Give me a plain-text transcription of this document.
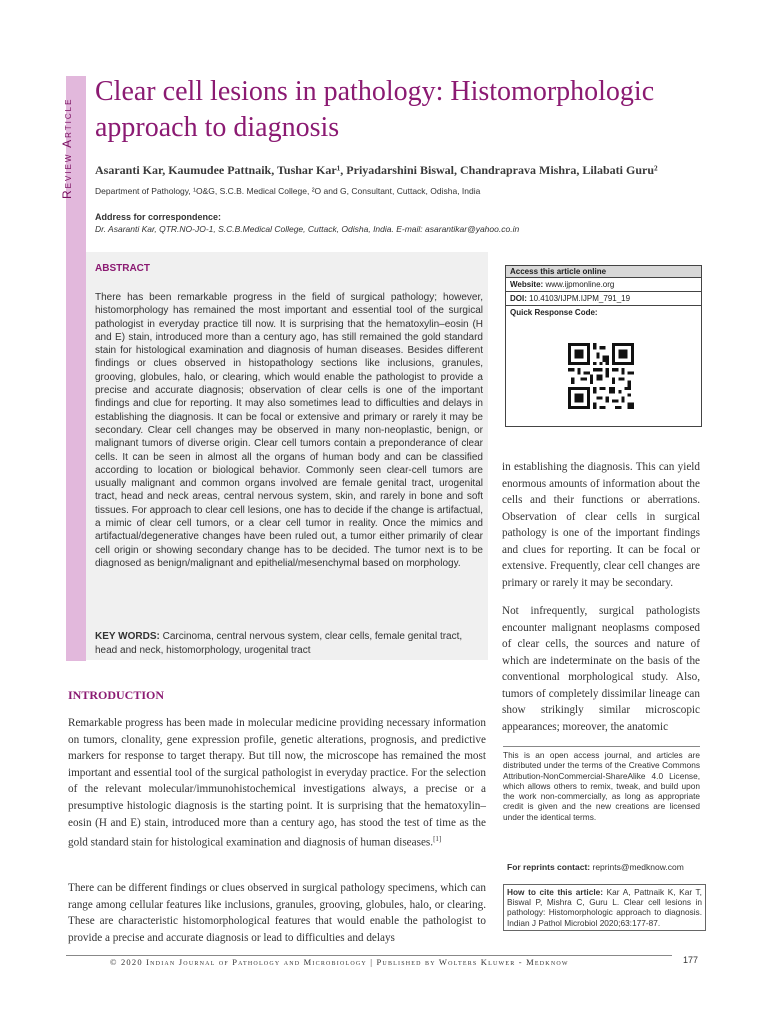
Review Article
Clear cell lesions in pathology: Histomorphologic approach to diagnosis
Asaranti Kar, Kaumudee Pattnaik, Tushar Kar¹, Priyadarshini Biswal, Chandraprava Mishra, Lilabati Guru²
Department of Pathology, ¹O&G, S.C.B. Medical College, ²O and G, Consultant, Cuttack, Odisha, India
Address for correspondence:
Dr. Asaranti Kar, QTR.NO-JO-1, S.C.B.Medical College, Cuttack, Odisha, India. E-mail: asarantikar@yahoo.co.in
ABSTRACT
There has been remarkable progress in the field of surgical pathology; however, histomorphology has remained the most important and essential tool of the surgical pathologist in everyday practice till now. It is surprising that the hematoxylin–eosin (H and E) stain, introduced more than a century ago, has still remained the gold standard stain for histological examination and diagnosis of human diseases. Besides different findings or clues observed in histopathology sections like inclusions, granules, grooving, globules, halo, or clearing, which would enable the pathologist to provide a precise and accurate diagnosis; observation of clear cells is one of the important findings and clue for reporting. It may also sometimes lead to difficulties and delays in establishing the diagnosis. It can be focal or extensive and primary or rarely it may be secondary. Clear cell changes may be observed in many non-neoplastic, benign, or malignant tumors of diverse origin. Clear cell tumors contain a preponderance of clear cells. It can be seen in almost all the organs of human body and can be classified according to location or biological behavior. Commonly seen clear-cell tumors are usually malignant and common organs involved are female genital tract, urogenital tract, head and neck areas, central nervous system, skin, and rarely in bone and soft tissues. For approach to clear cell lesions, one has to decide if the change is artifactual, a mimic of clear cell tumors, or a clear cell tumor in reality. Once the mimics and artifactual/degenerative changes have been ruled out, a tumor either primarily of clear cell origin or showing secondary change has to be decided. The tumor next is to be diagnosed as benign/malignant and epithelial/mesenchymal based on morphology.
KEY WORDS: Carcinoma, central nervous system, clear cells, female genital tract, head and neck, histomorphology, urogenital tract
Access this article online
Website: www.ijpmonline.org
DOI: 10.4103/IJPM.IJPM_791_19
Quick Response Code:
in establishing the diagnosis. This can yield enormous amounts of information about the cells and their functions or aberrations. Observation of clear cells in surgical pathology is one of the important findings and clues for reporting. It can be focal or extensive. Frequently, clear cell changes are primary or rarely it may be secondary.
Not infrequently, surgical pathologists encounter malignant neoplasms composed of clear cells, the sources and nature of which are indeterminate on the basis of the conventional morphological study. Also, tumors of completely dissimilar lineage can show strikingly similar microscopic appearances; moreover, the anatomic
This is an open access journal, and articles are distributed under the terms of the Creative Commons Attribution-NonCommercial-ShareAlike 4.0 License, which allows others to remix, tweak, and build upon the work non-commercially, as long as appropriate credit is given and the new creations are licensed under the identical terms.
For reprints contact: reprints@medknow.com
How to cite this article: Kar A, Pattnaik K, Kar T, Biswal P, Mishra C, Guru L. Clear cell lesions in pathology: Histomorphologic approach to diagnosis. Indian J Pathol Microbiol 2020;63:177-87.
INTRODUCTION
Remarkable progress has been made in molecular medicine providing necessary information on tumors, clonality, gene expression profile, genetic alterations, prognosis, and predictive markers for response to target therapy. But till now, the microscope has remained the most important and essential tool of the surgical pathologist in everyday practice. For the selection of the relevant molecular/immunohistochemical investigations always, a precise or a presumptive histologic diagnosis is the starting point. It is surprising that the hematoxylin–eosin (H and E) stain, introduced more than a century ago, has stood the test of time as the gold standard stain for histological examination and diagnosis of human diseases.[1]
There can be different findings or clues observed in surgical pathology specimens, which can range among cellular features like inclusions, granules, grooving, globules, halo, or clearing. These are characteristic histomorphological features that would enable the pathologist to provide a precise and accurate diagnosis or lead to difficulties and delays
© 2020 Indian Journal of Pathology and Microbiology | Published by Wolters Kluwer - Medknow	177
